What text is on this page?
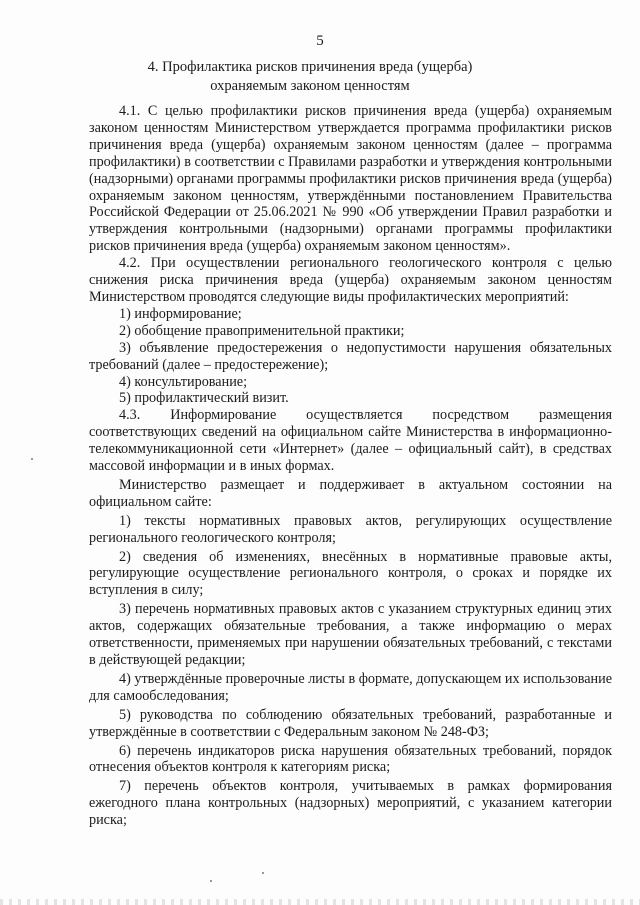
5
4. Профилактика рисков причинения вреда (ущерба)
охраняемым законом ценностям

4.1. С целью профилактики рисков причинения вреда (ущерба) охраняемым законом ценностям Министерством утверждается программа профилактики рисков причинения вреда (ущерба) охраняемым законом ценностям (далее – программа профилактики) в соответствии с Правилами разработки и утверждения контрольными (надзорными) органами программы профилактики рисков причинения вреда (ущерба) охраняемым законом ценностям, утверждёнными постановлением Правительства Российской Федерации от 25.06.2021 № 990 «Об утверждении Правил разработки и утверждения контрольными (надзорными) органами программы профилактики рисков причинения вреда (ущерба) охраняемым законом ценностям».

4.2. При осуществлении регионального геологического контроля с целью снижения риска причинения вреда (ущерба) охраняемым законом ценностям Министерством проводятся следующие виды профилактических мероприятий:

1) информирование;

2) обобщение правоприменительной практики;

3) объявление предостережения о недопустимости нарушения обязательных требований (далее – предостережение);

4) консультирование;

5) профилактический визит.

4.3. Информирование осуществляется посредством размещения соответствующих сведений на официальном сайте Министерства в информационно-телекоммуникационной сети «Интернет» (далее – официальный сайт), в средствах массовой информации и в иных формах.

Министерство размещает и поддерживает в актуальном состоянии на официальном сайте:

1) тексты нормативных правовых актов, регулирующих осуществление регионального геологического контроля;

2) сведения об изменениях, внесённых в нормативные правовые акты, регулирующие осуществление регионального контроля, о сроках и порядке их вступления в силу;

3) перечень нормативных правовых актов с указанием структурных единиц этих актов, содержащих обязательные требования, а также информацию о мерах ответственности, применяемых при нарушении обязательных требований, с текстами в действующей редакции;

4) утверждённые проверочные листы в формате, допускающем их использование для самообследования;

5) руководства по соблюдению обязательных требований, разработанные и утверждённые в соответствии с Федеральным законом № 248-ФЗ;

6) перечень индикаторов риска нарушения обязательных требований, порядок отнесения объектов контроля к категориям риска;

7) перечень объектов контроля, учитываемых в рамках формирования ежегодного плана контрольных (надзорных) мероприятий, с указанием категории риска;
